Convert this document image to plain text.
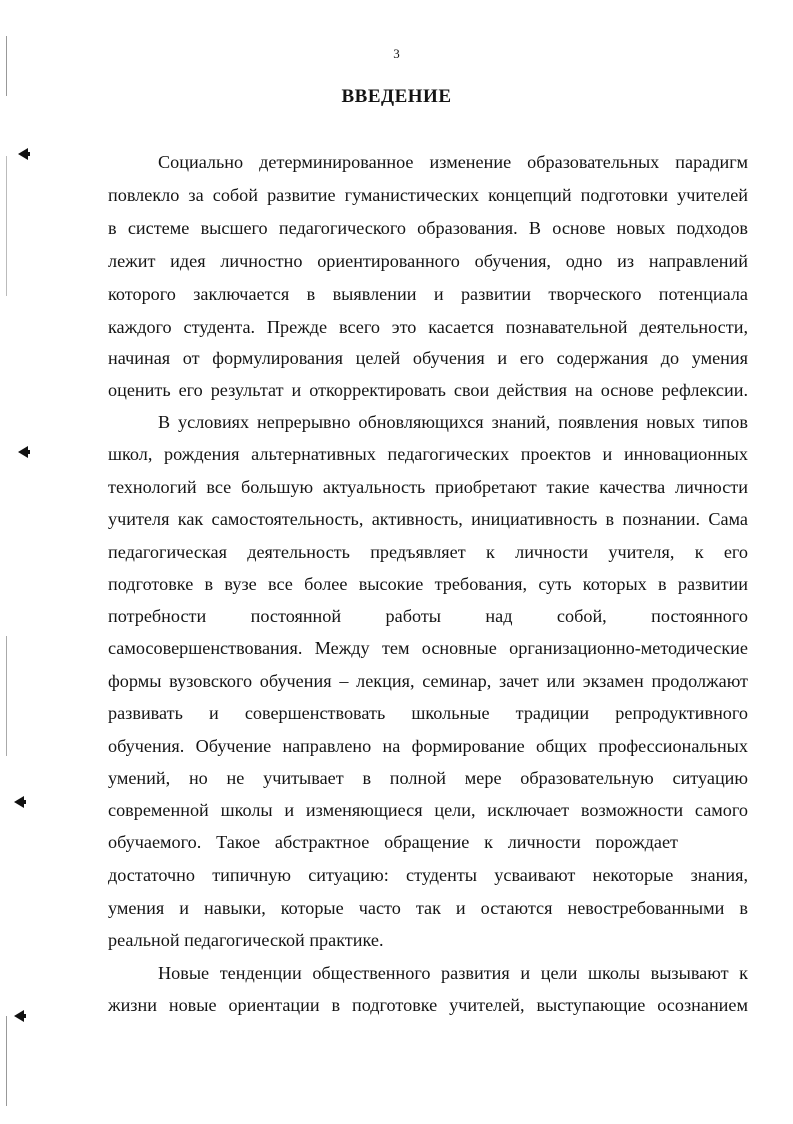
3
ВВЕДЕНИЕ
Социально детерминированное изменение образовательных парадигм
повлекло за собой развитие гуманистических концепций подготовки учителей
в системе высшего педагогического образования. В основе новых подходов
лежит идея личностно ориентированного обучения, одно из направлений
которого заключается в выявлении и развитии творческого потенциала
каждого студента. Прежде всего это касается познавательной деятельности,
начиная от формулирования целей обучения и его содержания до умения
оценить его результат и откорректировать свои действия на основе рефлексии.
В условиях непрерывно обновляющихся знаний, появления новых типов
школ, рождения альтернативных педагогических проектов и инновационных
технологий все большую актуальность приобретают такие качества личности
учителя как самостоятельность, активность, инициативность в познании. Сама
педагогическая деятельность предъявляет к личности учителя, к его
подготовке в вузе все более высокие требования, суть которых в развитии
потребности постоянной работы над собой, постоянного
самосовершенствования. Между тем основные организационно-методические
формы вузовского обучения – лекция, семинар, зачет или экзамен продолжают
развивать и совершенствовать школьные традиции репродуктивного
обучения. Обучение направлено на формирование общих профессиональных
умений, но не учитывает в полной мере образовательную ситуацию
современной школы и изменяющиеся цели, исключает возможности самого
обучаемого. Такое абстрактное обращение к личности порождает
достаточно типичную ситуацию: студенты усваивают некоторые знания,
умения и навыки, которые часто так и остаются невостребованными в
реальной педагогической практике.
Новые тенденции общественного развития и цели школы вызывают к
жизни новые ориентации в подготовке учителей, выступающие осознанием
